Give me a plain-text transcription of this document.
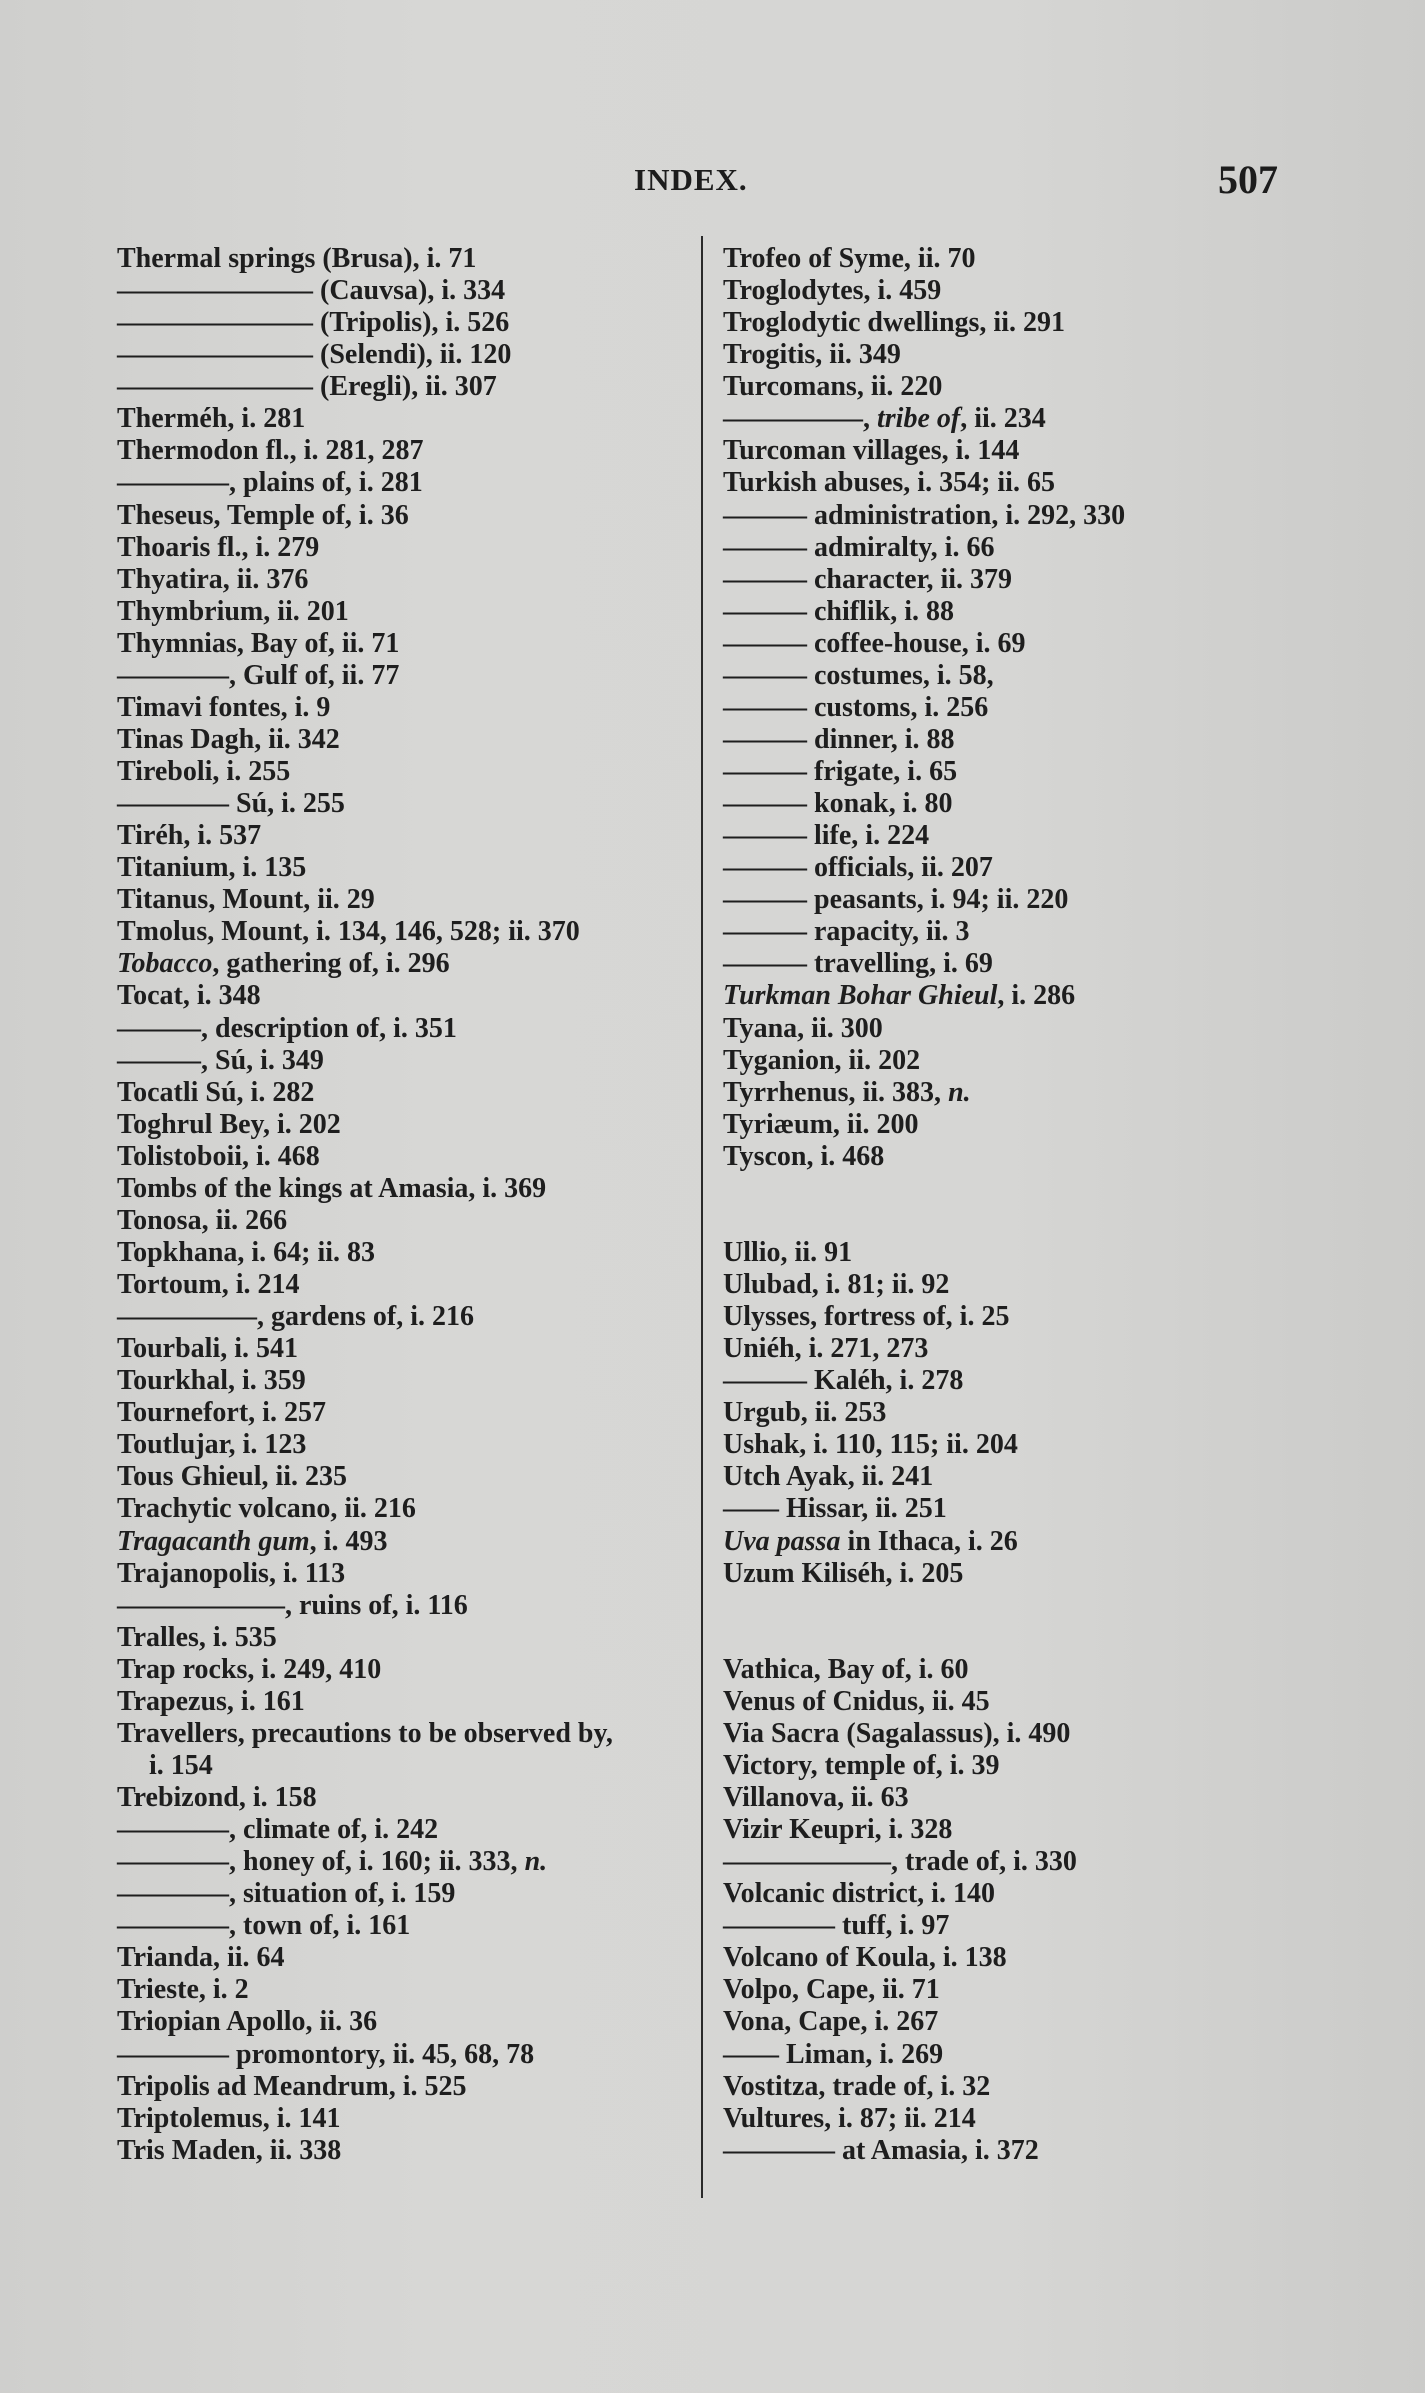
INDEX.	507
Thermal springs (Brusa), i. 71
——————— (Cauvsa), i. 334
——————— (Tripolis), i. 526
——————— (Selendi), ii. 120
——————— (Eregli), ii. 307
Therméh, i. 281
Thermodon fl., i. 281, 287
————, plains of, i. 281
Theseus, Temple of, i. 36
Thoaris fl., i. 279
Thyatira, ii. 376
Thymbrium, ii. 201
Thymnias, Bay of, ii. 71
————, Gulf of, ii. 77
Timavi fontes, i. 9
Tinas Dagh, ii. 342
Tireboli, i. 255
———— Sú, i. 255
Tiréh, i. 537
Titanium, i. 135
Titanus, Mount, ii. 29
Tmolus, Mount, i. 134, 146, 528; ii. 370
Tobacco, gathering of, i. 296
Tocat, i. 348
———, description of, i. 351
———, Sú, i. 349
Tocatli Sú, i. 282
Toghrul Bey, i. 202
Tolistoboii, i. 468
Tombs of the kings at Amasia, i. 369
Tonosa, ii. 266
Topkhana, i. 64; ii. 83
Tortoum, i. 214
—————, gardens of, i. 216
Tourbali, i. 541
Tourkhal, i. 359
Tournefort, i. 257
Toutlujar, i. 123
Tous Ghieul, ii. 235
Trachytic volcano, ii. 216
Tragacanth gum, i. 493
Trajanopolis, i. 113
——————, ruins of, i. 116
Tralles, i. 535
Trap rocks, i. 249, 410
Trapezus, i. 161
Travellers, precautions to be observed by,
i. 154
Trebizond, i. 158
————, climate of, i. 242
————, honey of, i. 160; ii. 333, n.
————, situation of, i. 159
————, town of, i. 161
Trianda, ii. 64
Trieste, i. 2
Triopian Apollo, ii. 36
———— promontory, ii. 45, 68, 78
Tripolis ad Meandrum, i. 525
Triptolemus, i. 141
Tris Maden, ii. 338
Trofeo of Syme, ii. 70
Troglodytes, i. 459
Troglodytic dwellings, ii. 291
Trogitis, ii. 349
Turcomans, ii. 220
—————, tribe of, ii. 234
Turcoman villages, i. 144
Turkish abuses, i. 354; ii. 65
——— administration, i. 292, 330
——— admiralty, i. 66
——— character, ii. 379
——— chiflik, i. 88
——— coffee-house, i. 69
——— costumes, i. 58,
——— customs, i. 256
——— dinner, i. 88
——— frigate, i. 65
——— konak, i. 80
——— life, i. 224
——— officials, ii. 207
——— peasants, i. 94; ii. 220
——— rapacity, ii. 3
——— travelling, i. 69
Turkman Bohar Ghieul, i. 286
Tyana, ii. 300
Tyganion, ii. 202
Tyrrhenus, ii. 383, n.
Tyriæum, ii. 200
Tyscon, i. 468
Ullio, ii. 91
Ulubad, i. 81; ii. 92
Ulysses, fortress of, i. 25
Uniéh, i. 271, 273
——— Kaléh, i. 278
Urgub, ii. 253
Ushak, i. 110, 115; ii. 204
Utch Ayak, ii. 241
—— Hissar, ii. 251
Uva passa in Ithaca, i. 26
Uzum Kiliséh, i. 205
Vathica, Bay of, i. 60
Venus of Cnidus, ii. 45
Via Sacra (Sagalassus), i. 490
Victory, temple of, i. 39
Villanova, ii. 63
Vizir Keupri, i. 328
——————, trade of, i. 330
Volcanic district, i. 140
———— tuff, i. 97
Volcano of Koula, i. 138
Volpo, Cape, ii. 71
Vona, Cape, i. 267
—— Liman, i. 269
Vostitza, trade of, i. 32
Vultures, i. 87; ii. 214
———— at Amasia, i. 372
